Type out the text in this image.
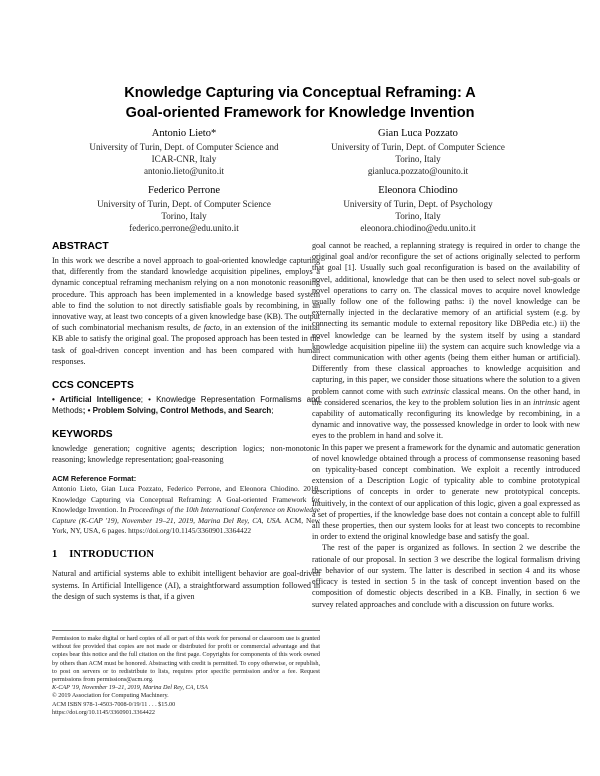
Knowledge Capturing via Conceptual Reframing: A
Goal-oriented Framework for Knowledge Invention
Antonio Lieto*
University of Turin, Dept. of Computer Science and
ICAR-CNR, Italy
antonio.lieto@unito.it
Gian Luca Pozzato
University of Turin, Dept. of Computer Science
Torino, Italy
gianluca.pozzato@ounito.it
Federico Perrone
University of Turin, Dept. of Computer Science
Torino, Italy
federico.perrone@edu.unito.it
Eleonora Chiodino
University of Turin, Dept. of Psychology
Torino, Italy
eleonora.chiodino@edu.unito.it
ABSTRACT

In this work we describe a novel approach to goal-oriented knowledge capturing that, differently from the standard knowledge acquisition pipelines, employs a dynamic conceptual reframing mechanism relying on a non monotonic reasoning procedure. This approach has been implemented in a knowledge based system able to find the solution to not directly satisfiable goals by recombining, in an innovative way, at least two concepts of a given knowledge base (KB). The output of such combinatorial mechanism results, de facto, in an extension of the initial KB able to satisfy the original goal. The proposed approach has been tested in the task of goal-driven concept invention and has been compared with human responses.

CCS CONCEPTS

• Artificial Intelligence; • Knowledge Representation Formalisms and Methods; • Problem Solving, Control Methods, and Search;

KEYWORDS

knowledge generation; cognitive agents; description logics; non-monotonic reasoning; knowledge representation; goal-reasoning

ACM Reference Format:

Antonio Lieto, Gian Luca Pozzato, Federico Perrone, and Eleonora Chiodino. 2019. Knowledge Capturing via Conceptual Reframing: A Goal-oriented Framework for Knowledge Invention. In Proceedings of the 10th International Conference on Knowledge Capture (K-CAP '19), November 19–21, 2019, Marina Del Rey, CA, USA. ACM, New York, NY, USA, 6 pages. https://doi.org/10.1145/3360901.3364422

1 INTRODUCTION

Natural and artificial systems able to exhibit intelligent behavior are goal-driven systems. In Artificial Intelligence (AI), a straightforward assumption followed in the design of such systems is that, if a given

Permission to make digital or hard copies of all or part of this work for personal or classroom use is granted without fee provided that copies are not made or distributed for profit or commercial advantage and that copies bear this notice and the full citation on the first page. Copyrights for components of this work owned by others than ACM must be honored. Abstracting with credit is permitted. To copy otherwise, or republish, to post on servers or to redistribute to lists, requires prior specific permission and/or a fee. Request permissions from permissions@acm.org.

K-CAP '19, November 19–21, 2019, Marina Del Rey, CA, USA

© 2019 Association for Computing Machinery.

ACM ISBN 978-1-4503-7008-0/19/11 . . . $15.00

https://doi.org/10.1145/3360901.3364422

goal cannot be reached, a replanning strategy is required in order to change the original goal and/or reconfigure the set of actions originally selected to perform that goal [1]. Usually such goal reconfiguration is based on the availability of novel, additional, knowledge that can be then used to select novel sub-goals or novel operations to carry on. The classical moves to acquire novel knowledge usually follow one of the following paths: i) the novel knowledge can be externally injected in the declarative memory of an artificial system (e.g. by connecting its semantic module to external repository like DBPedia etc.) ii) the novel knowledge can be learned by the system itself by using a standard knowledge acquisition pipeline iii) the system can acquire such knowledge via a direct communication with other agents (being them either human or artificial). Differently from these classical approaches to knowledge acquisition and capturing, in this paper, we consider those situations where the solution to a given problem cannot come with such extrinsic classical means. On the other hand, in the considered scenarios, the key to the problem solution lies in an intrinsic agent capability of automatically reconfiguring its knowledge by recombining, in a dynamic and innovative way, the possessed knowledge in order to look with new eyes to the problem in hand and solve it.

In this paper we present a framework for the dynamic and automatic generation of novel knowledge obtained through a process of commonsense reasoning based on typicality-based concept combination. We exploit a recently introduced extension of a Description Logic of typicality able to combine prototypical descriptions of concepts in order to generate new prototypical concepts. Intuitively, in the context of our application of this logic, given a goal expressed as a set of properties, if the knowledge base does not contain a concept able to fulfill all these properties, then our system looks for at least two concepts to recombine in order to extend the original knowledge base and satisfy the goal.

The rest of the paper is organized as follows. In section 2 we describe the rationale of our proposal. In section 3 we describe the logical formalism driving the behavior of our system. The latter is described in section 4 and its whose efficacy is tested in section 5 in the task of concept invention based on the composition of domestic objects described in a KB. Finally, in section 6 we survey related approaches and conclude with a discussion on future works.
